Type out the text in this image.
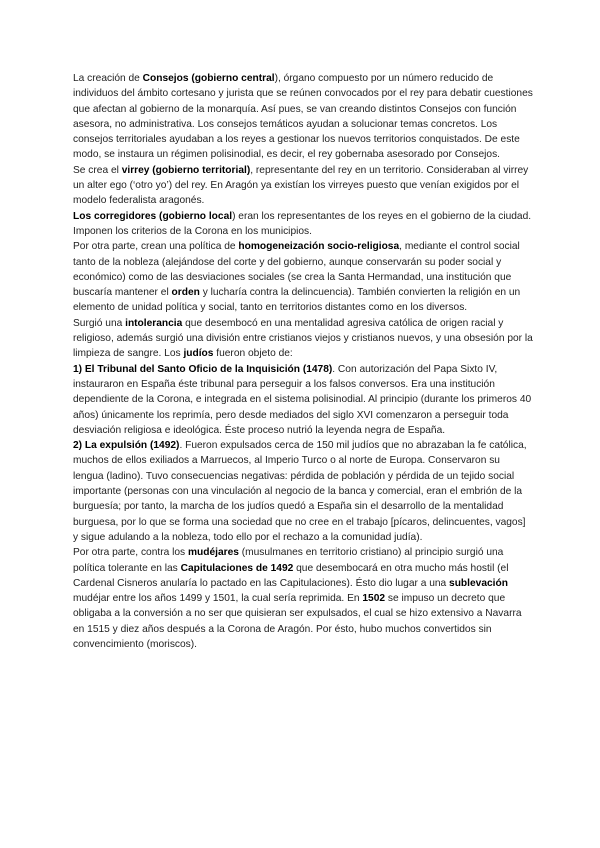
La creación de Consejos (gobierno central), órgano compuesto por un número reducido de individuos del ámbito cortesano y jurista que se reúnen convocados por el rey para debatir cuestiones que afectan al gobierno de la monarquía. Así pues, se van creando distintos Consejos con función asesora, no administrativa. Los consejos temáticos ayudan a solucionar temas concretos. Los consejos territoriales ayudaban a los reyes a gestionar los nuevos territorios conquistados. De este modo, se instaura un régimen polisinodial, es decir, el rey gobernaba asesorado por Consejos.

Se crea el virrey (gobierno territorial), representante del rey en un territorio. Consideraban al virrey un alter ego (‘otro yo’) del rey. En Aragón ya existían los virreyes puesto que venían exigidos por el modelo federalista aragonés.

Los corregidores (gobierno local) eran los representantes de los reyes en el gobierno de la ciudad. Imponen los criterios de la Corona en los municipios.

Por otra parte, crean una política de homogeneización socio-religiosa, mediante el control social tanto de la nobleza (alejándose del corte y del gobierno, aunque conservarán su poder social y económico) como de las desviaciones sociales (se crea la Santa Hermandad, una institución que buscaría mantener el orden y lucharía contra la delincuencia). También convierten la religión en un elemento de unidad política y social, tanto en territorios distantes como en los diversos.

Surgió una intolerancia que desembocó en una mentalidad agresiva católica de origen racial y religioso, además surgió una división entre cristianos viejos y cristianos nuevos, y una obsesión por la limpieza de sangre. Los judíos fueron objeto de:

1) El Tribunal del Santo Oficio de la Inquisición (1478). Con autorización del Papa Sixto IV, instauraron en España éste tribunal para perseguir a los falsos conversos. Era una institución dependiente de la Corona, e integrada en el sistema polisinodial. Al principio (durante los primeros 40 años) únicamente los reprimía, pero desde mediados del siglo XVI comenzaron a perseguir toda desviación religiosa e ideológica. Éste proceso nutrió la leyenda negra de España.

2) La expulsión (1492). Fueron expulsados cerca de 150 mil judíos que no abrazaban la fe católica, muchos de ellos exiliados a Marruecos, al Imperio Turco o al norte de Europa. Conservaron su lengua (ladino). Tuvo consecuencias negativas: pérdida de población y pérdida de un tejido social importante (personas con una vinculación al negocio de la banca y comercial, eran el embrión de la burguesía; por tanto, la marcha de los judíos quedó a España sin el desarrollo de la mentalidad burguesa, por lo que se forma una sociedad que no cree en el trabajo [pícaros, delincuentes, vagos] y sigue adulando a la nobleza, todo ello por el rechazo a la comunidad judía).

Por otra parte, contra los mudéjares (musulmanes en territorio cristiano) al principio surgió una política tolerante en las Capitulaciones de 1492 que desembocará en otra mucho más hostil (el Cardenal Cisneros anularía lo pactado en las Capitulaciones). Ésto dio lugar a una sublevación mudéjar entre los años 1499 y 1501, la cual sería reprimida. En 1502 se impuso un decreto que obligaba a la conversión a no ser que quisieran ser expulsados, el cual se hizo extensivo a Navarra en 1515 y diez años después a la Corona de Aragón. Por ésto, hubo muchos convertidos sin convencimiento (moriscos).
